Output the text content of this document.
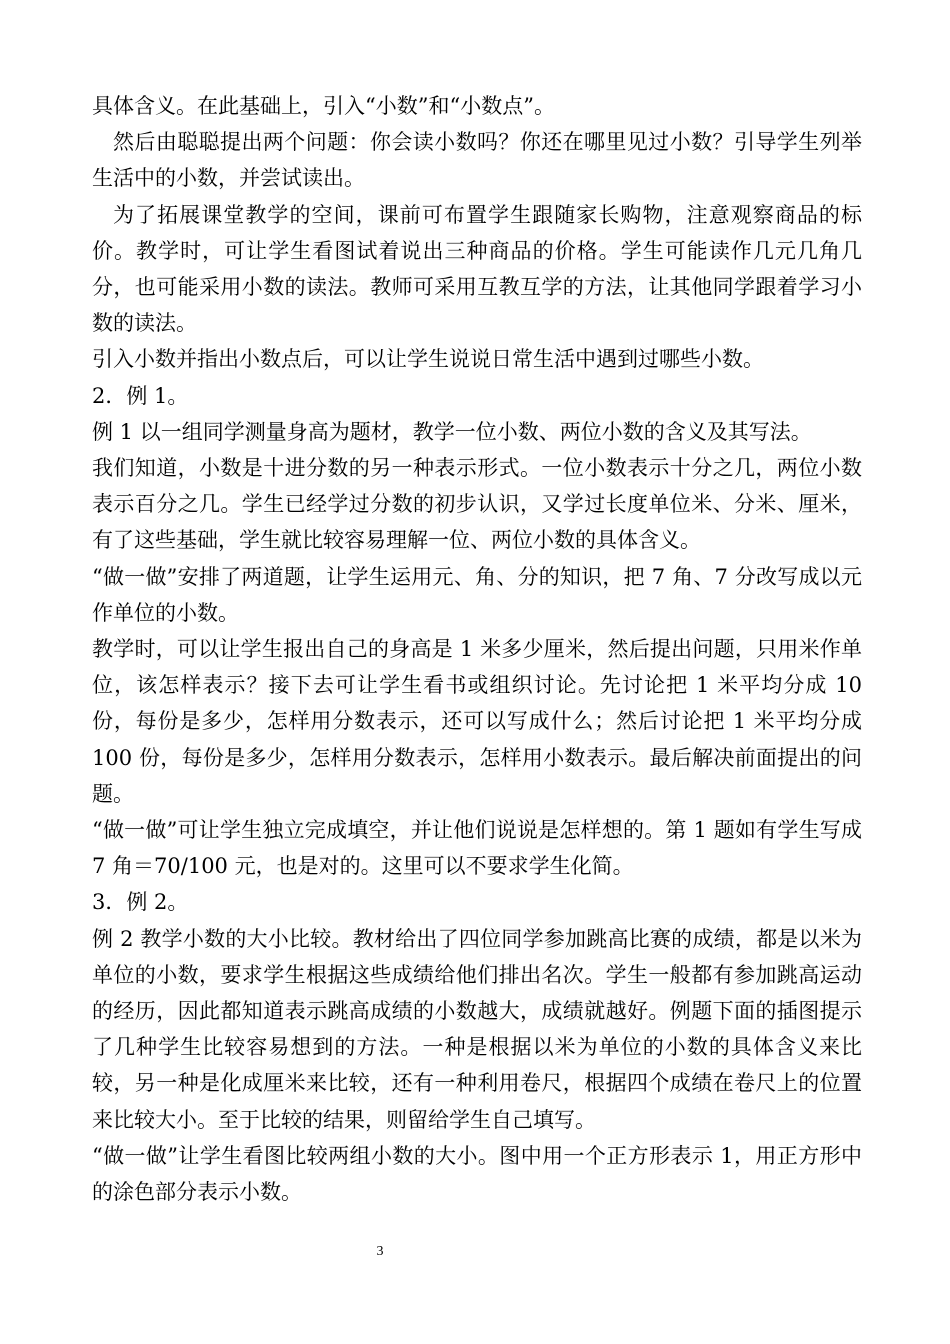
具体含义。在此基础上，引入“小数”和“小数点”。

然后由聪聪提出两个问题：你会读小数吗？你还在哪里见过小数？引导学生列举生活中的小数，并尝试读出。

为了拓展课堂教学的空间，课前可布置学生跟随家长购物，注意观察商品的标价。教学时，可让学生看图试着说出三种商品的价格。学生可能读作几元几角几分，也可能采用小数的读法。教师可采用互教互学的方法，让其他同学跟着学习小数的读法。

引入小数并指出小数点后，可以让学生说说日常生活中遇到过哪些小数。

2．例 1。

例 1 以一组同学测量身高为题材，教学一位小数、两位小数的含义及其写法。

我们知道，小数是十进分数的另一种表示形式。一位小数表示十分之几，两位小数表示百分之几。学生已经学过分数的初步认识，又学过长度单位米、分米、厘米，有了这些基础，学生就比较容易理解一位、两位小数的具体含义。

“做一做”安排了两道题，让学生运用元、角、分的知识，把 7 角、7 分改写成以元作单位的小数。

教学时，可以让学生报出自己的身高是 1 米多少厘米，然后提出问题，只用米作单位，该怎样表示？接下去可让学生看书或组织讨论。先讨论把 1 米平均分成 10 份，每份是多少，怎样用分数表示，还可以写成什么；然后讨论把 1 米平均分成 100 份，每份是多少，怎样用分数表示，怎样用小数表示。最后解决前面提出的问题。

“做一做”可让学生独立完成填空，并让他们说说是怎样想的。第 1 题如有学生写成 7 角＝70/100 元，也是对的。这里可以不要求学生化简。

3．例 2。

例 2 教学小数的大小比较。教材给出了四位同学参加跳高比赛的成绩，都是以米为单位的小数，要求学生根据这些成绩给他们排出名次。学生一般都有参加跳高运动的经历，因此都知道表示跳高成绩的小数越大，成绩就越好。例题下面的插图提示了几种学生比较容易想到的方法。一种是根据以米为单位的小数的具体含义来比较，另一种是化成厘米来比较，还有一种利用卷尺，根据四个成绩在卷尺上的位置来比较大小。至于比较的结果，则留给学生自己填写。

“做一做”让学生看图比较两组小数的大小。图中用一个正方形表示 1，用正方形中的涂色部分表示小数。

3
